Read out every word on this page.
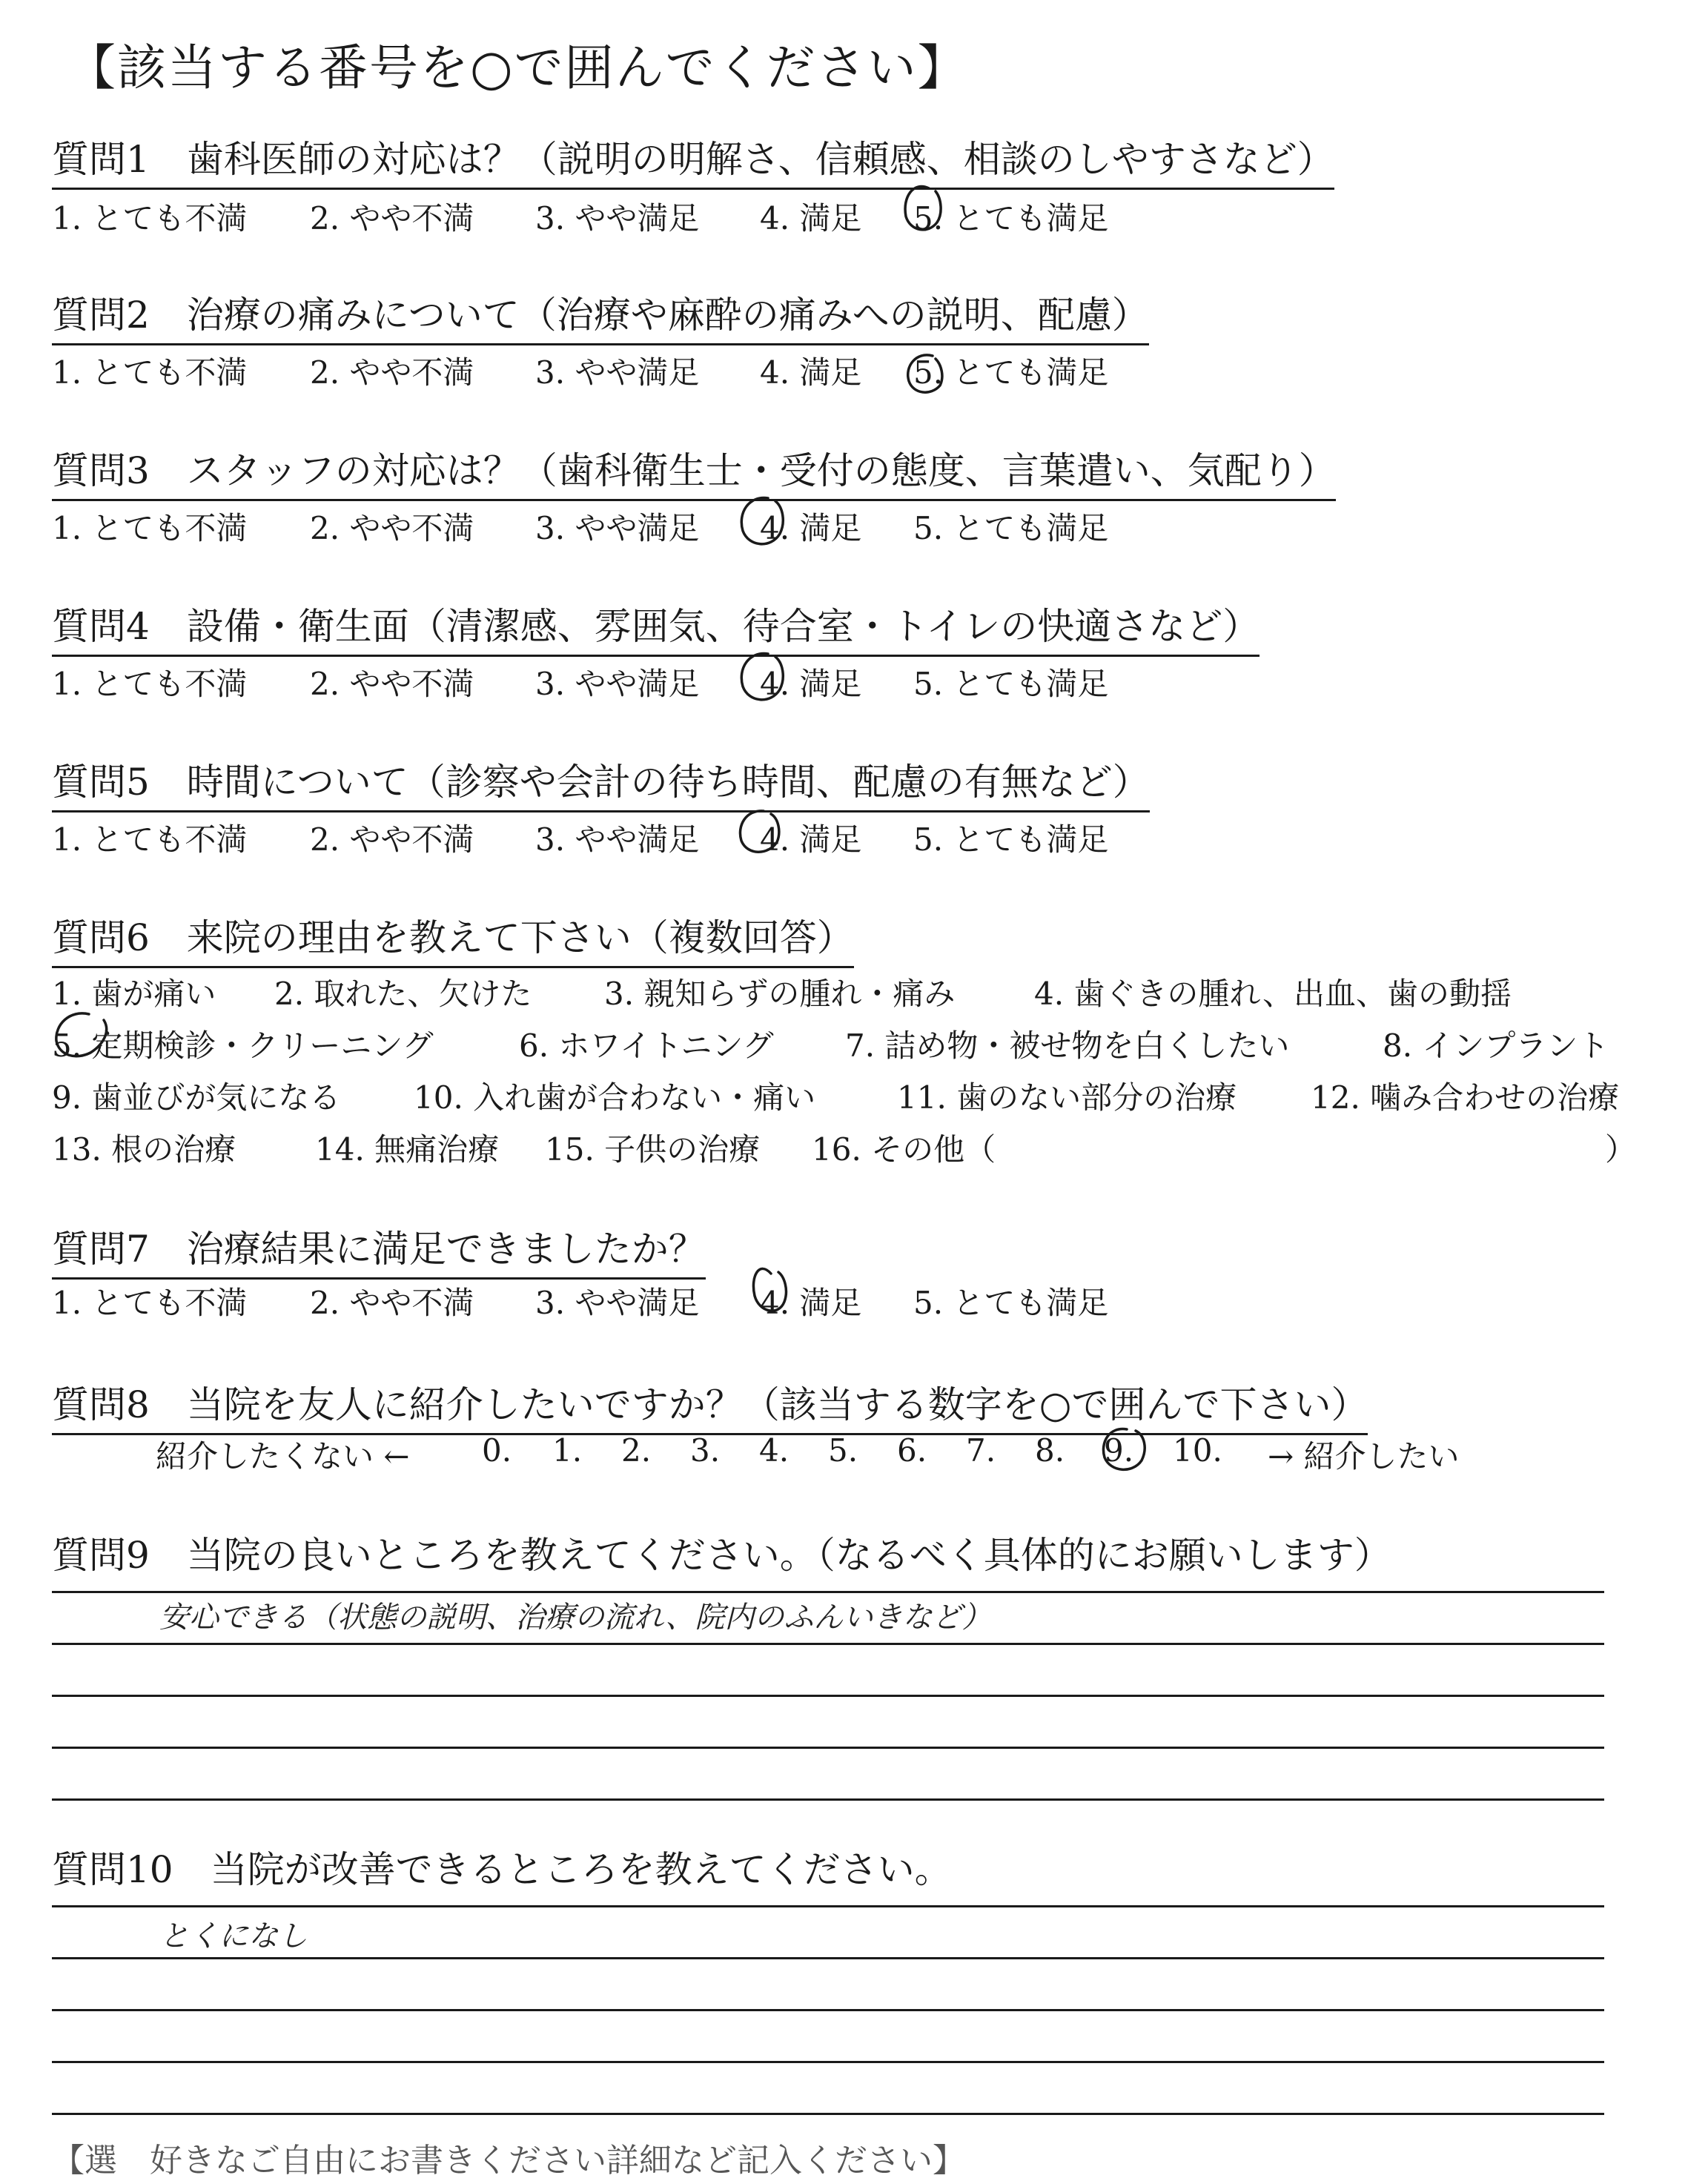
【該当する番号を○で囲んでください】
質問1　歯科医師の対応は？（説明の明解さ、信頼感、相談のしやすさなど）
1. とても不満 2. やや不満 3. やや満足 4. 満足 5. とても満足
質問2　治療の痛みについて（治療や麻酔の痛みへの説明、配慮）
1. とても不満 2. やや不満 3. やや満足 4. 満足 5. とても満足
質問3　スタッフの対応は？（歯科衛生士・受付の態度、言葉遣い、気配り）
1. とても不満 2. やや不満 3. やや満足 4. 満足 5. とても満足
質問4　設備・衛生面（清潔感、雰囲気、待合室・トイレの快適さなど）
1. とても不満 2. やや不満 3. やや満足 4. 満足 5. とても満足
質問5　時間について（診察や会計の待ち時間、配慮の有無など）
1. とても不満 2. やや不満 3. やや満足 4. 満足 5. とても満足
質問6　来院の理由を教えて下さい（複数回答）
1. 歯が痛い 2. 取れた、欠けた 3. 親知らずの腫れ・痛み	4. 歯ぐきの腫れ、出血、歯の動揺
5. 定期検診・クリーニング	6. ホワイトニング 7. 詰め物・被せ物を白くしたい	8. インプラント
9. 歯並びが気になる 10. 入れ歯が合わない・痛い	11. 歯のない部分の治療 12. 噛み合わせの治療
13. 根の治療	14. 無痛治療 15. 子供の治療 16. その他（	）
質問7　治療結果に満足できましたか？
1. とても不満 2. やや不満 3. やや満足 4. 満足 5. とても満足
質問8　当院を友人に紹介したいですか？（該当する数字を○で囲んで下さい）
紹介したくない ← 0. 1. 2. 3. 4. 5. 6. 7. 8. 9. 10. → 紹介したい
質問9　当院の良いところを教えてください。（なるべく具体的にお願いします）
安心できる（状態の説明、治療の流れ、院内のふんいきなど）
質問10　当院が改善できるところを教えてください。
とくになし
【選　好きなご自由にお書きください詳細など記入ください】
